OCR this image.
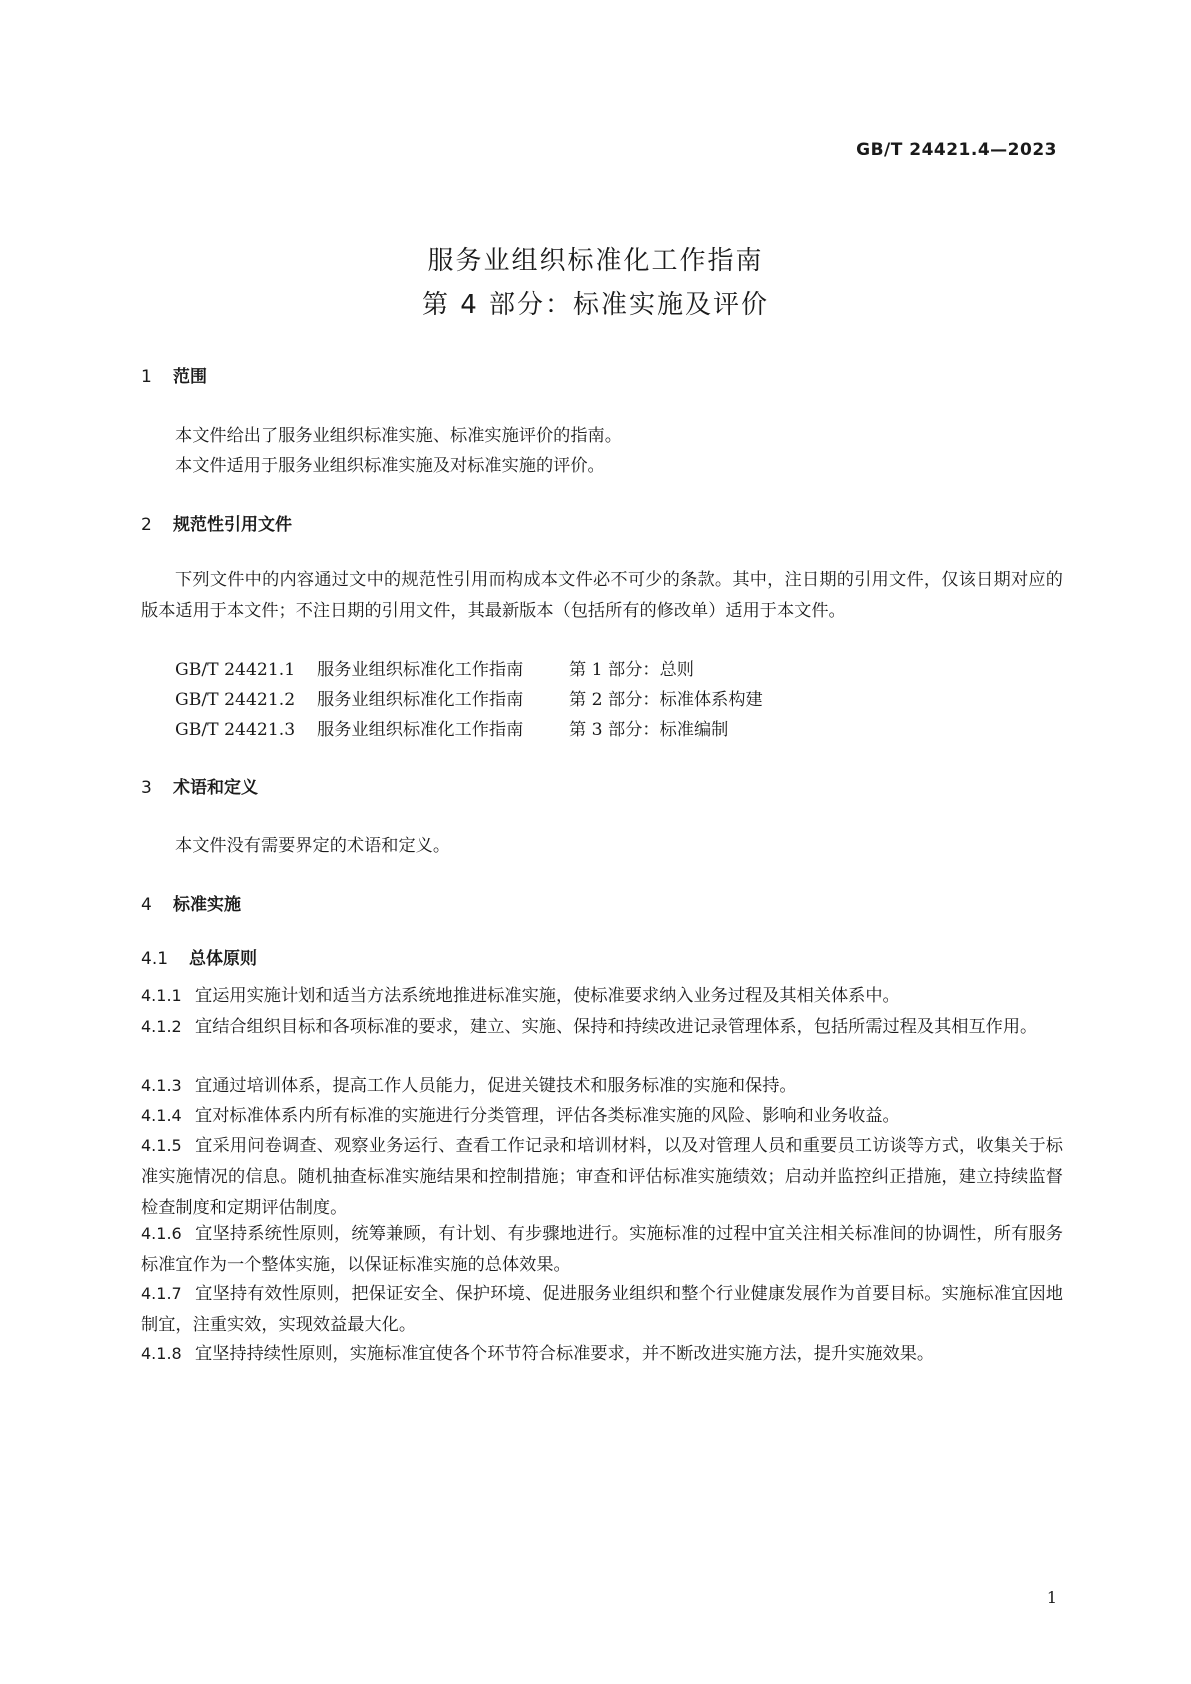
GB/T 24421.4—2023
服务业组织标准化工作指南
第 4 部分：标准实施及评价
1 范围
本文件给出了服务业组织标准实施、标准实施评价的指南。
本文件适用于服务业组织标准实施及对标准实施的评价。
2 规范性引用文件
下列文件中的内容通过文中的规范性引用而构成本文件必不可少的条款。其中，注日期的引用文件，仅该日期对应的版本适用于本文件；不注日期的引用文件，其最新版本（包括所有的修改单）适用于本文件。
GB/T 24421.1 服务业组织标准化工作指南	第 1 部分：总则
GB/T 24421.2 服务业组织标准化工作指南	第 2 部分：标准体系构建
GB/T 24421.3 服务业组织标准化工作指南	第 3 部分：标准编制
3 术语和定义
本文件没有需要界定的术语和定义。
4 标准实施
4.1 总体原则
4.1.1 宜运用实施计划和适当方法系统地推进标准实施，使标准要求纳入业务过程及其相关体系中。
4.1.2 宜结合组织目标和各项标准的要求，建立、实施、保持和持续改进记录管理体系，包括所需过程及其相互作用。
4.1.3 宜通过培训体系，提高工作人员能力，促进关键技术和服务标准的实施和保持。
4.1.4 宜对标准体系内所有标准的实施进行分类管理，评估各类标准实施的风险、影响和业务收益。
4.1.5 宜采用问卷调查、观察业务运行、查看工作记录和培训材料，以及对管理人员和重要员工访谈等方式，收集关于标准实施情况的信息。随机抽查标准实施结果和控制措施；审查和评估标准实施绩效；启动并监控纠正措施，建立持续监督检查制度和定期评估制度。
4.1.6 宜坚持系统性原则，统筹兼顾，有计划、有步骤地进行。实施标准的过程中宜关注相关标准间的协调性，所有服务标准宜作为一个整体实施，以保证标准实施的总体效果。
4.1.7 宜坚持有效性原则，把保证安全、保护环境、促进服务业组织和整个行业健康发展作为首要目标。实施标准宜因地制宜，注重实效，实现效益最大化。
4.1.8 宜坚持持续性原则，实施标准宜使各个环节符合标准要求，并不断改进实施方法，提升实施效果。
1
